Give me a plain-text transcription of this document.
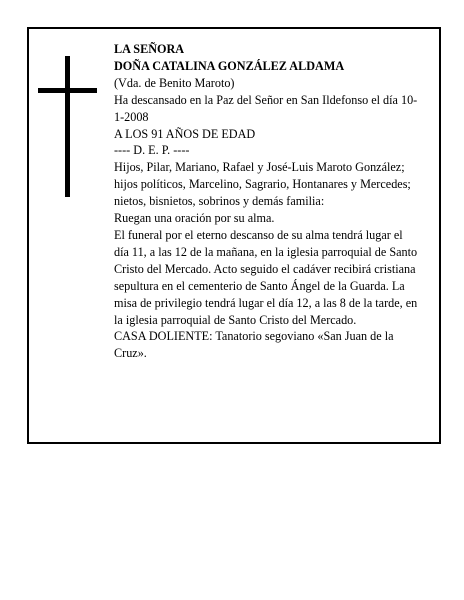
LA SEÑORA

DOÑA CATALINA GONZÁLEZ ALDAMA

(Vda. de Benito Maroto)

Ha descansado en la Paz del Señor en San Ildefonso el día 10-1-2008

A LOS 91 AÑOS DE EDAD

---- D. E. P. ----

Hijos, Pilar, Mariano, Rafael y José-Luis Maroto González; hijos políticos, Marcelino, Sagrario, Hontanares y Mercedes; nietos, bisnietos, sobrinos y demás familia:

Ruegan una oración por su alma.

El funeral por el eterno descanso de su alma tendrá lugar el día 11, a las 12 de la mañana, en la iglesia parroquial de Santo Cristo del Mercado. Acto seguido el cadáver recibirá cristiana sepultura en el cementerio de Santo Ángel de la Guarda. La misa de privilegio tendrá lugar el día 12, a las 8 de la tarde, en la iglesia parroquial de Santo Cristo del Mercado.

CASA DOLIENTE: Tanatorio segoviano «San Juan de la Cruz».
